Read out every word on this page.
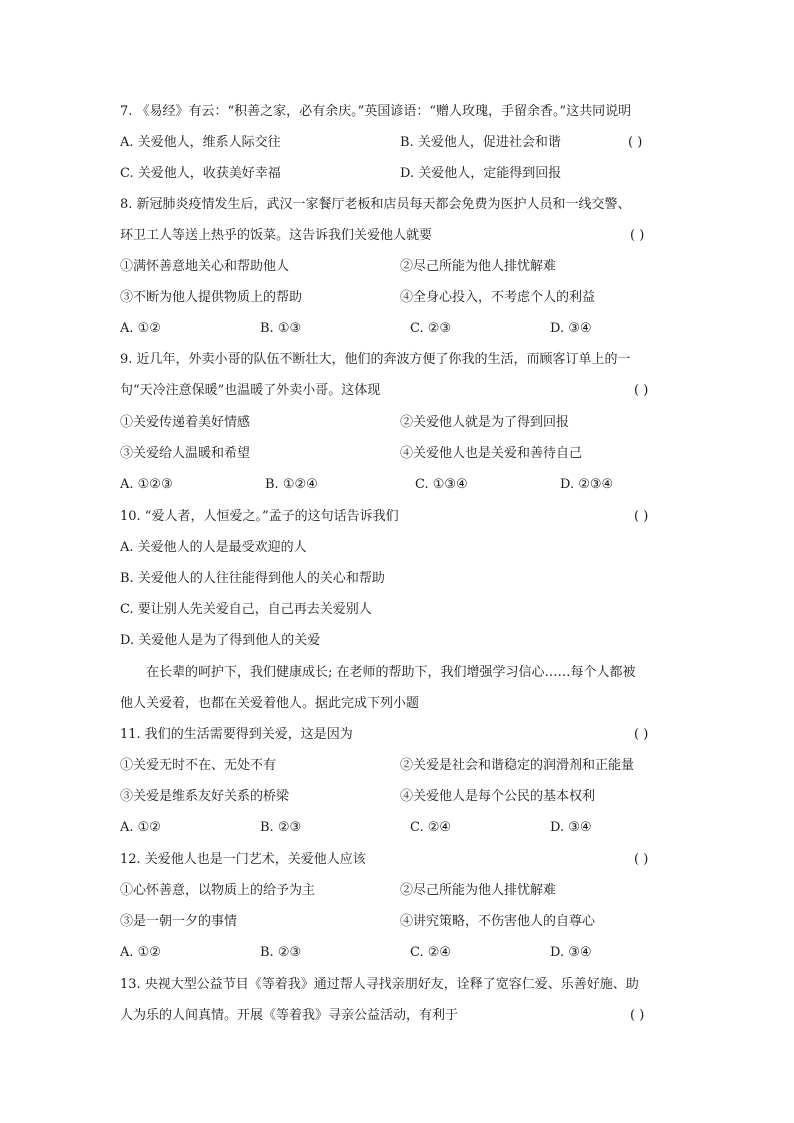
7. 《易经》有云：“积善之家，必有余庆。”英国谚语：“赠人玫瑰，手留余香。”这共同说明
A. 关爱他人，维系人际交往	B. 关爱他人，促进社会和谐	( )
C. 关爱他人，收获美好幸福	D. 关爱他人，定能得到回报
8. 新冠肺炎疫情发生后，武汉一家餐厅老板和店员每天都会免费为医护人员和一线交警、
环卫工人等送上热乎的饭菜。这告诉我们关爱他人就要	( )
①满怀善意地关心和帮助他人	②尽己所能为他人排忧解难
③不断为他人提供物质上的帮助	④全身心投入，不考虑个人的利益
A. ①②	B. ①③	C. ②③	D. ③④
9. 近几年，外卖小哥的队伍不断壮大，他们的奔波方便了你我的生活，而顾客订单上的一
句“天冷注意保暖”也温暖了外卖小哥。这体现	( )
①关爱传递着美好情感	②关爱他人就是为了得到回报
③关爱给人温暖和希望	④关爱他人也是关爱和善待自己
A. ①②③	B. ①②④	C. ①③④	D. ②③④
10. “爱人者，人恒爱之。”孟子的这句话告诉我们	( )
A. 关爱他人的人是最受欢迎的人
B. 关爱他人的人往往能得到他人的关心和帮助
C. 要让别人先关爱自己，自己再去关爱别人
D. 关爱他人是为了得到他人的关爱
在长辈的呵护下，我们健康成长; 在老师的帮助下，我们增强学习信心……每个人都被
他人关爱着，也都在关爱着他人。据此完成下列小题
11. 我们的生活需要得到关爱，这是因为	( )
①关爱无时不在、无处不有	②关爱是社会和谐稳定的润滑剂和正能量
③关爱是维系友好关系的桥梁	④关爱他人是每个公民的基本权利
A. ①②	B. ②③	C. ②④	D. ③④
12. 关爱他人也是一门艺术，关爱他人应该	( )
①心怀善意，以物质上的给予为主	②尽己所能为他人排忧解难
③是一朝一夕的事情	④讲究策略，不伤害他人的自尊心
A. ①②	B. ②③	C. ②④	D. ③④
13. 央视大型公益节目《等着我》通过帮人寻找亲朋好友，诠释了宽容仁爱、乐善好施、助
人为乐的人间真情。开展《等着我》寻亲公益活动，有利于	( )
